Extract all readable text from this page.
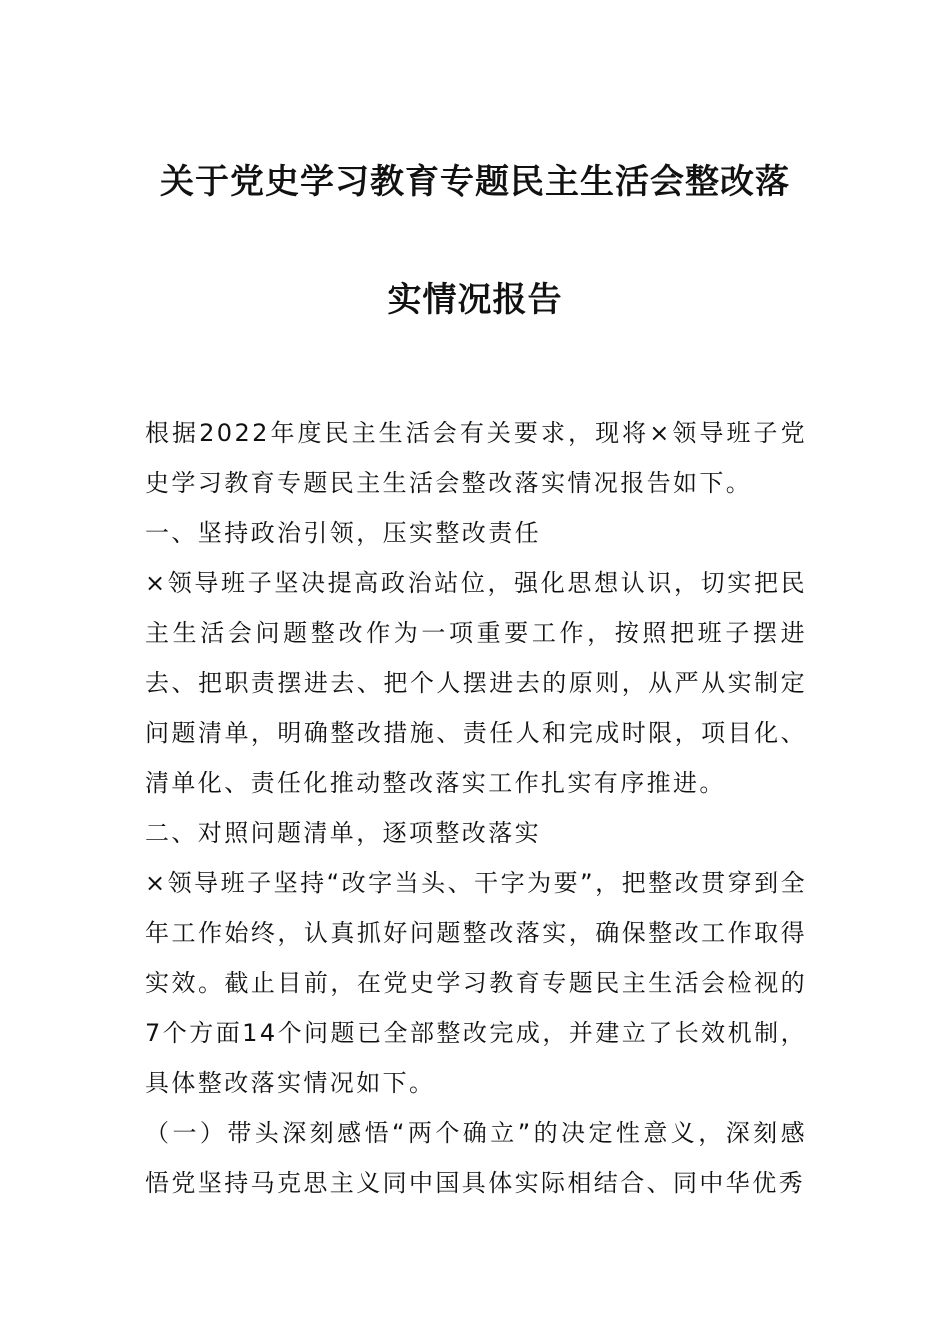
关于党史学习教育专题民主生活会整改落
实情况报告

根据2022年度民主生活会有关要求，现将×领导班子党史学习教育专题民主生活会整改落实情况报告如下。

一、坚持政治引领，压实整改责任

×领导班子坚决提高政治站位，强化思想认识，切实把民主生活会问题整改作为一项重要工作，按照把班子摆进去、把职责摆进去、把个人摆进去的原则，从严从实制定问题清单，明确整改措施、责任人和完成时限，项目化、清单化、责任化推动整改落实工作扎实有序推进。

二、对照问题清单，逐项整改落实

×领导班子坚持“改字当头、干字为要”，把整改贯穿到全年工作始终，认真抓好问题整改落实，确保整改工作取得实效。截止目前，在党史学习教育专题民主生活会检视的7个方面14个问题已全部整改完成，并建立了长效机制，具体整改落实情况如下。

（一）带头深刻感悟“两个确立”的决定性意义，深刻感悟党坚持马克思主义同中国具体实际相结合、同中华优秀
